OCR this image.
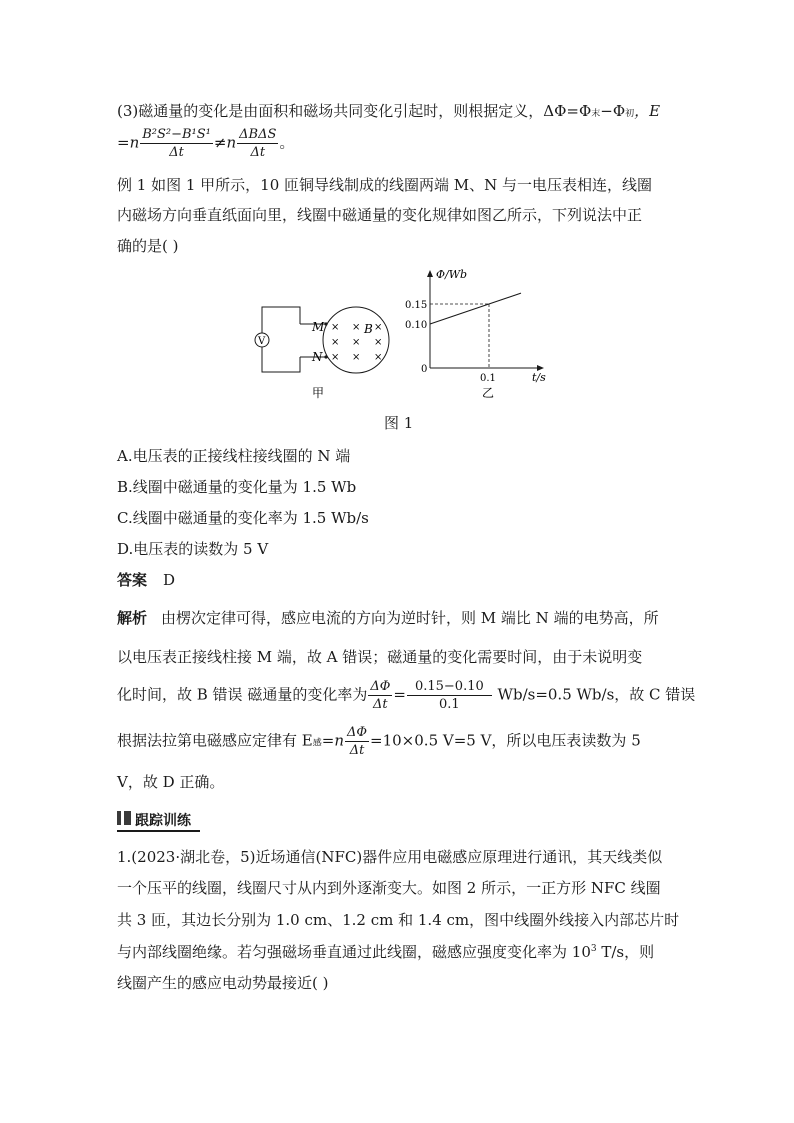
(3)磁通量的变化是由面积和磁场共同变化引起时，则根据定义，ΔΦ=Φ末−Φ初，E
$=n \frac{\text{B²S²−B¹S¹}}{\Delta t} \ne n \frac{\text{ΔBΔS}}{\Delta t}$ 。
例 1 如图 1 甲所示，10 匝铜导线制成的线圈两端 M、N 与一电压表相连，线圈
内磁场方向垂直纸面向里，线圈中磁通量的变化规律如图乙所示，下列说法中正
确的是( )
V
M
N
B
× × ×
× × ×
× × ×
甲
Φ/Wb
t/s
0
0.15
0.10
0.1
乙
图 1
A.电压表的正接线柱接线圈的 N 端
B.线圈中磁通量的变化量为 1.5 Wb
C.线圈中磁通量的变化率为 1.5 Wb/s
D.电压表的读数为 5 V
答案 D
解析 由楞次定律可得，感应电流的方向为逆时针，则 M 端比 N 端的电势高，所
以电压表正接线柱接 M 端，故 A 错误；磁通量的变化需要时间，由于未说明变
化时间，故 B 错误 磁通量的变化率为 $\frac{\Delta\Phi}{\Delta t} = \frac{0.15-0.10}{0.1} Wb/s=0.5$ Wb/s，故 C 错误
根据法拉第电磁感应定律有 E感$=n \frac{\Delta\Phi}{\Delta t} =10\times 0.5$ V=5 V，所以电压表读数为 5
V，故 D 正确。
跟踪训练
1.(2023·湖北卷，5)近场通信(NFC)器件应用电磁感应原理进行通讯，其天线类似
一个压平的线圈，线圈尺寸从内到外逐渐变大。如图 2 所示，一正方形 NFC 线圈
共 3 匝，其边长分别为 1.0 cm、1.2 cm 和 1.4 cm，图中线圈外线接入内部芯片时
与内部线圈绝缘。若匀强磁场垂直通过此线圈，磁感应强度变化率为 $10^3$ T/s，则
线圈产生的感应电动势最接近( )
